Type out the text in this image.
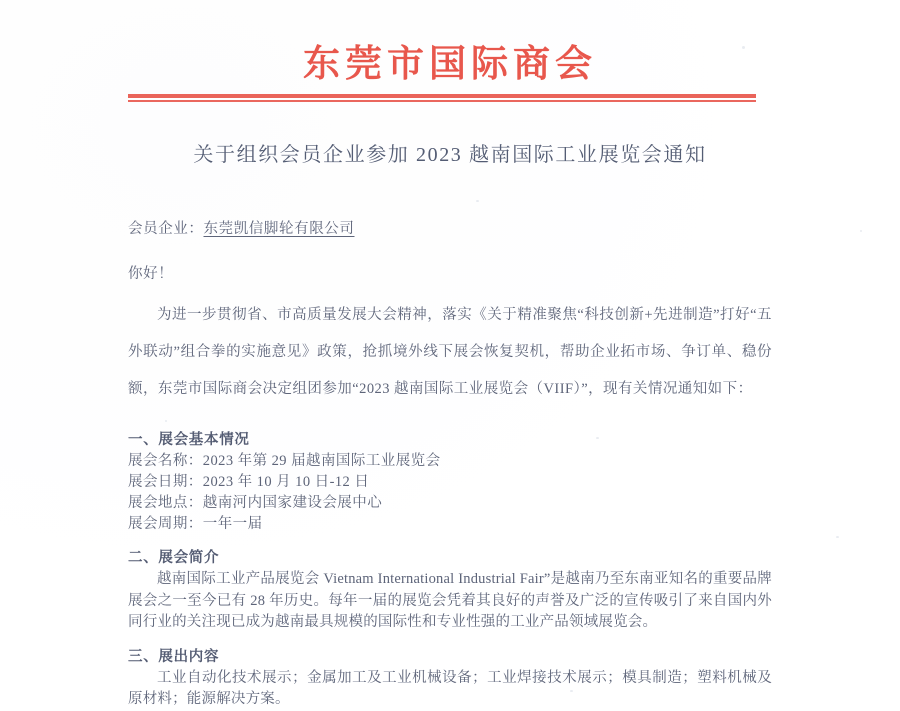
东莞市国际商会
关于组织会员企业参加 2023 越南国际工业展览会通知
会员企业：东莞凯信脚轮有限公司
你好！
为进一步贯彻省、市高质量发展大会精神，落实《关于精准聚焦“科技创新+先进制造”打好“五外联动”组合拳的实施意见》政策，抢抓境外线下展会恢复契机，帮助企业拓市场、争订单、稳份额，东莞市国际商会决定组团参加“2023 越南国际工业展览会（VIIF）”，现有关情况通知如下：
一、展会基本情况
展会名称：2023 年第 29 届越南国际工业展览会
展会日期：2023 年 10 月 10 日-12 日
展会地点：越南河内国家建设会展中心
展会周期：一年一届
二、展会简介
越南国际工业产品展览会 Vietnam International Industrial Fair”是越南乃至东南亚知名的重要品牌展会之一至今已有 28 年历史。每年一届的展览会凭着其良好的声誉及广泛的宣传吸引了来自国内外同行业的关注现已成为越南最具规模的国际性和专业性强的工业产品领域展览会。
三、展出内容
工业自动化技术展示；金属加工及工业机械设备；工业焊接技术展示；模具制造；塑料机械及原材料；能源解决方案。
